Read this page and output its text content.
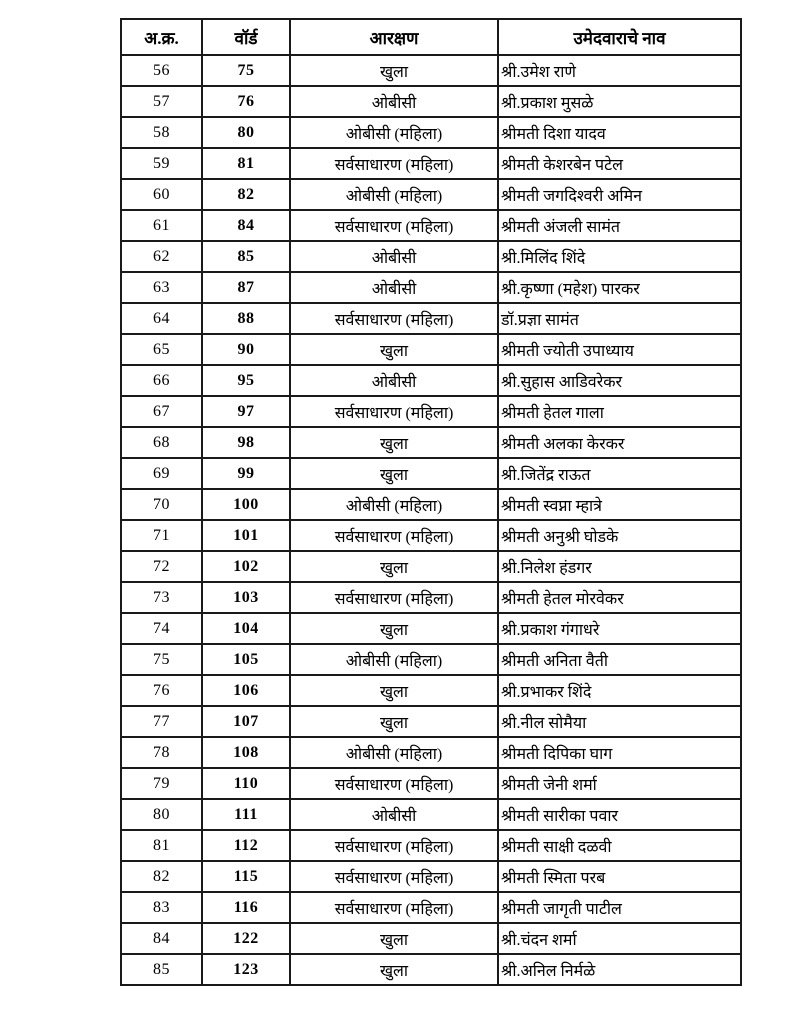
अ.क्र.	वॉर्ड	आरक्षण	उमेदवाराचे नाव
56	75	खुला	श्री.उमेश राणे
57	76	ओबीसी	श्री.प्रकाश मुसळे
58	80	ओबीसी (महिला)	श्रीमती दिशा यादव
59	81	सर्वसाधारण (महिला)	श्रीमती केशरबेन पटेल
60	82	ओबीसी (महिला)	श्रीमती जगदिश्वरी अमिन
61	84	सर्वसाधारण (महिला)	श्रीमती अंजली सामंत
62	85	ओबीसी	श्री.मिलिंद शिंदे
63	87	ओबीसी	श्री.कृष्णा (महेश) पारकर
64	88	सर्वसाधारण (महिला)	डॉ.प्रज्ञा सामंत
65	90	खुला	श्रीमती ज्योती उपाध्याय
66	95	ओबीसी	श्री.सुहास आडिवरेकर
67	97	सर्वसाधारण (महिला)	श्रीमती हेतल गाला
68	98	खुला	श्रीमती अलका केरकर
69	99	खुला	श्री.जितेंद्र राऊत
70	100	ओबीसी (महिला)	श्रीमती स्वप्ना म्हात्रे
71	101	सर्वसाधारण (महिला)	श्रीमती अनुश्री घोडके
72	102	खुला	श्री.निलेश हंडगर
73	103	सर्वसाधारण (महिला)	श्रीमती हेतल मोरवेकर
74	104	खुला	श्री.प्रकाश गंगाधरे
75	105	ओबीसी (महिला)	श्रीमती अनिता वैती
76	106	खुला	श्री.प्रभाकर शिंदे
77	107	खुला	श्री.नील सोमैया
78	108	ओबीसी (महिला)	श्रीमती दिपिका घाग
79	110	सर्वसाधारण (महिला)	श्रीमती जेनी शर्मा
80	111	ओबीसी	श्रीमती सारीका पवार
81	112	सर्वसाधारण (महिला)	श्रीमती साक्षी दळवी
82	115	सर्वसाधारण (महिला)	श्रीमती स्मिता परब
83	116	सर्वसाधारण (महिला)	श्रीमती जागृती पाटील
84	122	खुला	श्री.चंदन शर्मा
85	123	खुला	श्री.अनिल निर्मळे
